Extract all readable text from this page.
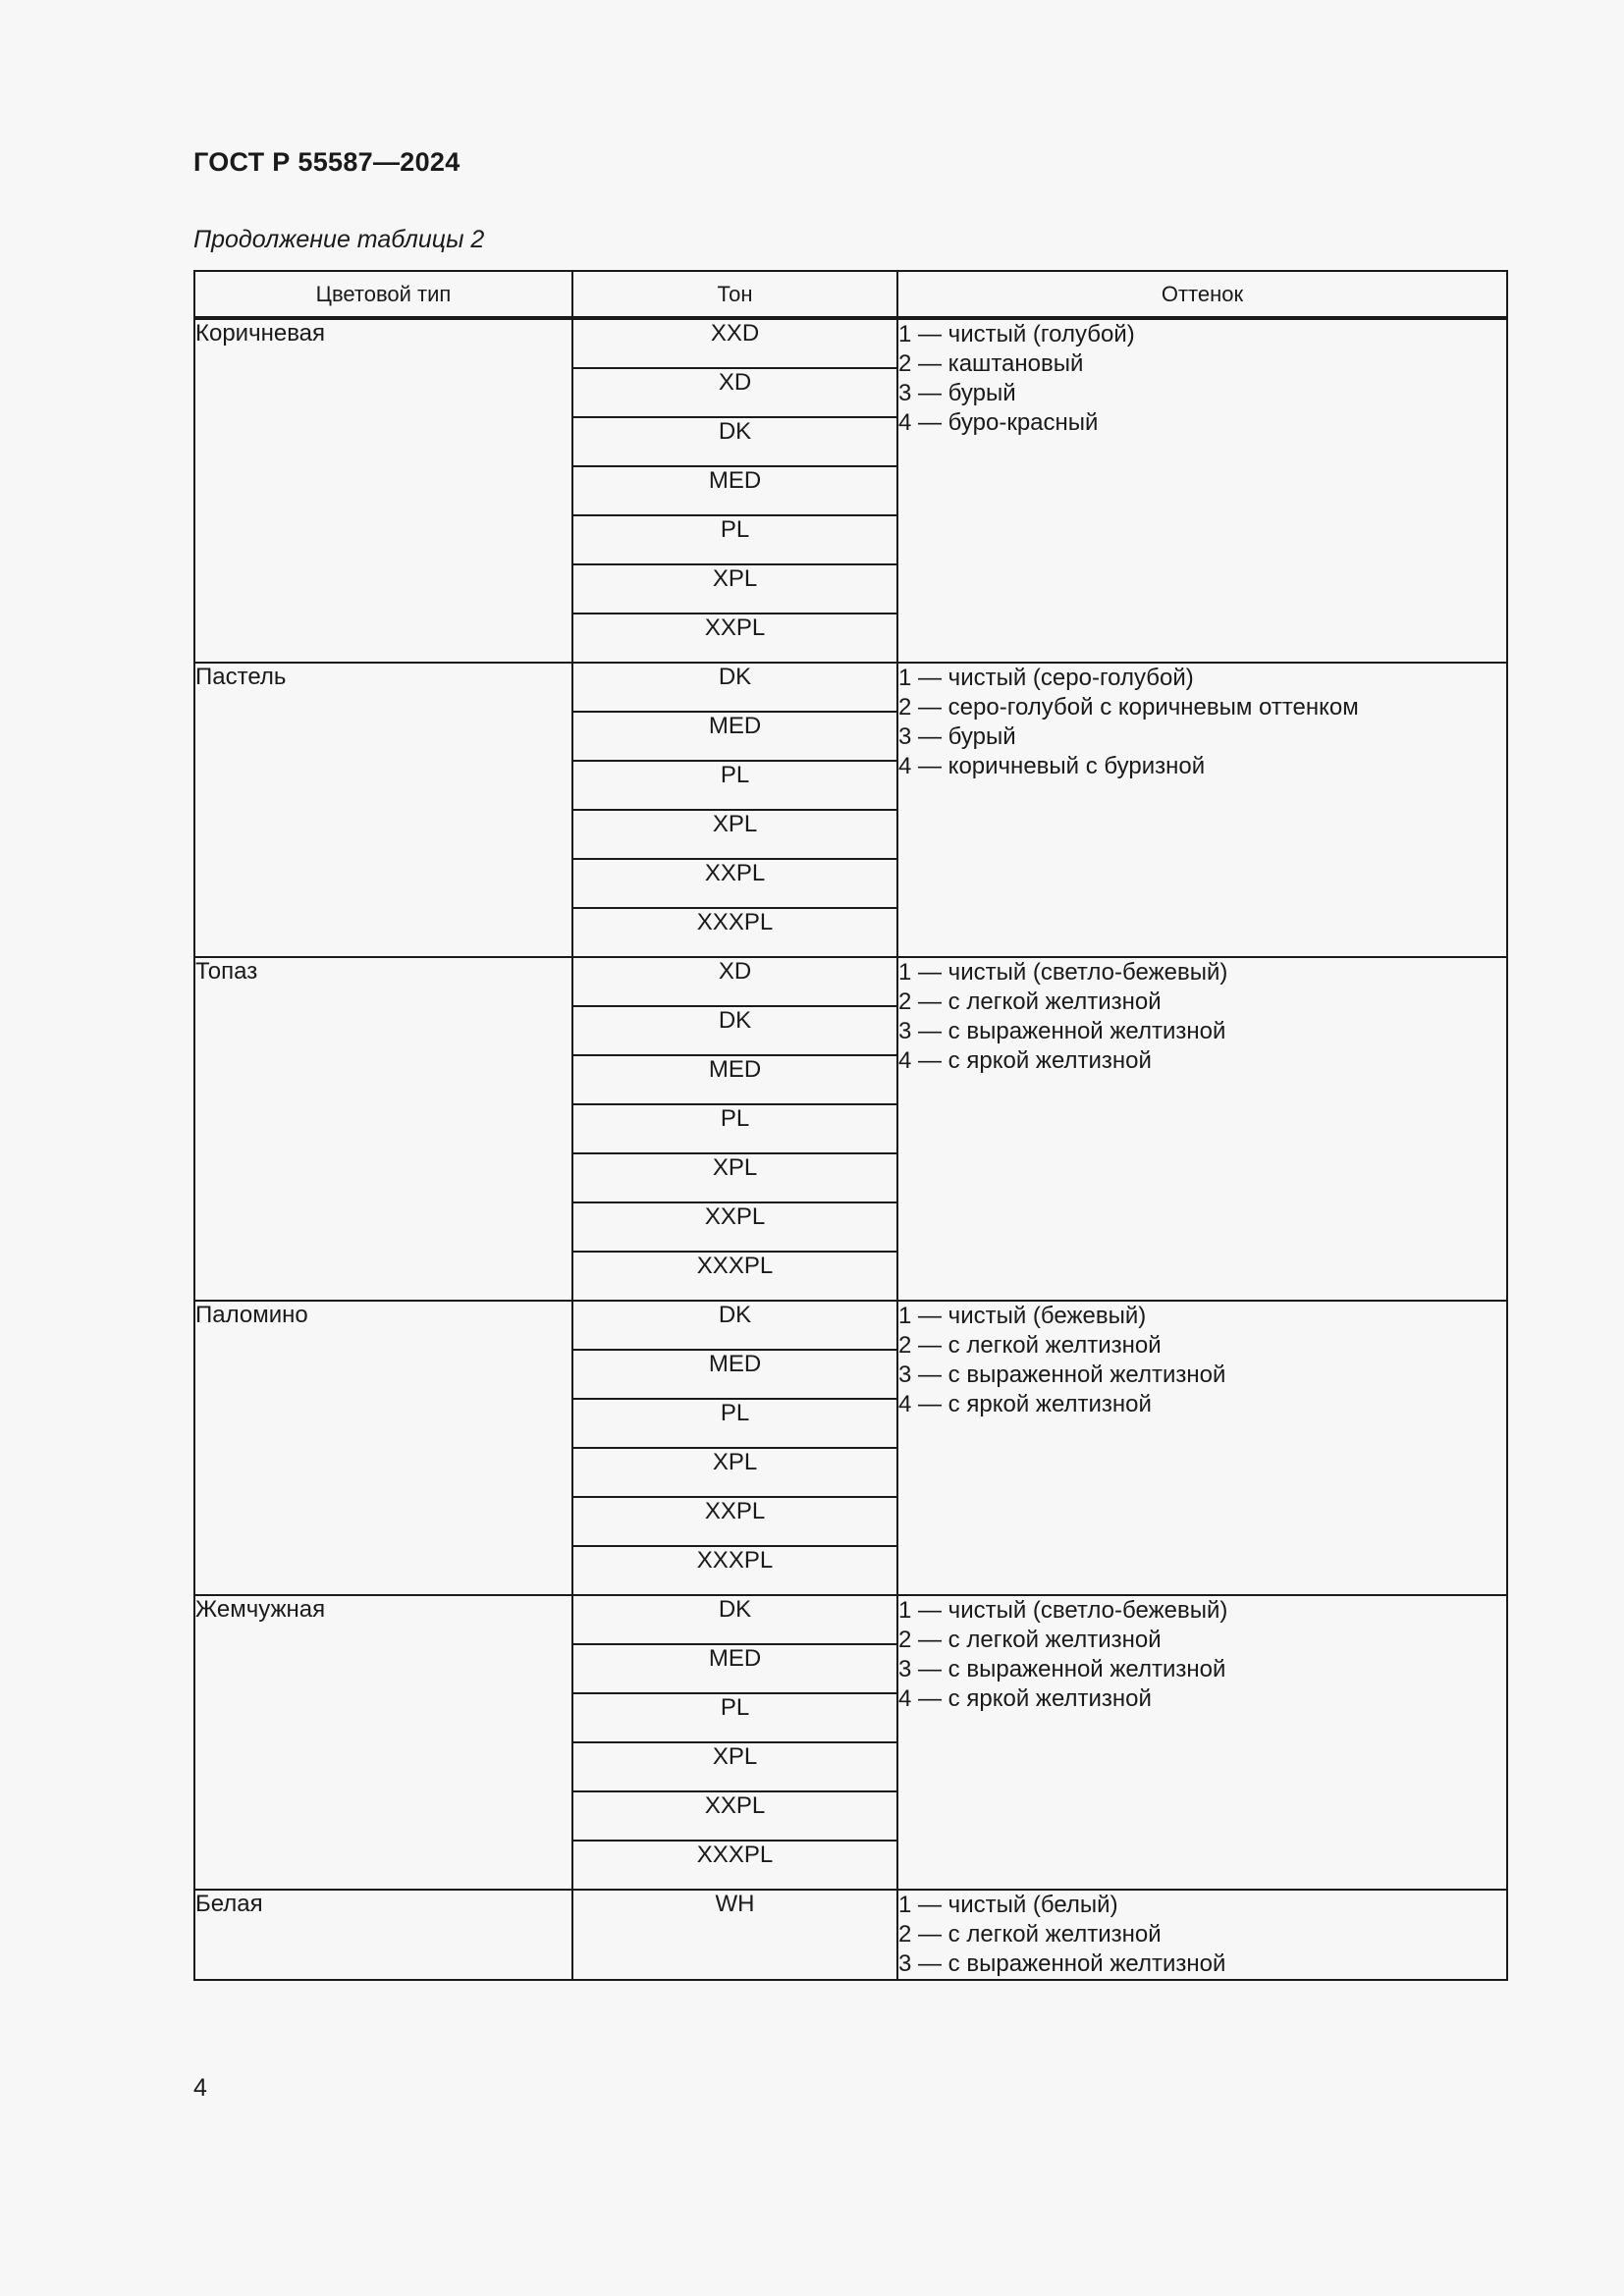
ГОСТ Р 55587—2024
Продолжение таблицы 2
Цветовой тип	Тон	Оттенок
Коричневая	XXD	1 — чистый (голубой)
2 — каштановый
3 — бурый
4 — буро-красный

	XD	
	DK	
	MED	
	PL	
	XPL	
	XXPL	
Пастель	DK	1 — чистый (серо-голубой)
2 — серо-голубой с коричневым оттенком
3 — бурый
4 — коричневый с буризной

	MED	
	PL	
	XPL	
	XXPL	
	XXXPL	
Топаз	XD	1 — чистый (светло-бежевый)
2 — с легкой желтизной
3 — с выраженной желтизной
4 — с яркой желтизной

	DK	
	MED	
	PL	
	XPL	
	XXPL	
	XXXPL	
Паломино	DK	1 — чистый (бежевый)
2 — с легкой желтизной
3 — с выраженной желтизной
4 — с яркой желтизной

	MED	
	PL	
	XPL	
	XXPL	
	XXXPL	
Жемчужная	DK	1 — чистый (светло-бежевый)
2 — с легкой желтизной
3 — с выраженной желтизной
4 — с яркой желтизной

	MED	
	PL	
	XPL	
	XXPL	
	XXXPL	
Белая	WH	1 — чистый (белый)
2 — с легкой желтизной
3 — с выраженной желтизной
4
